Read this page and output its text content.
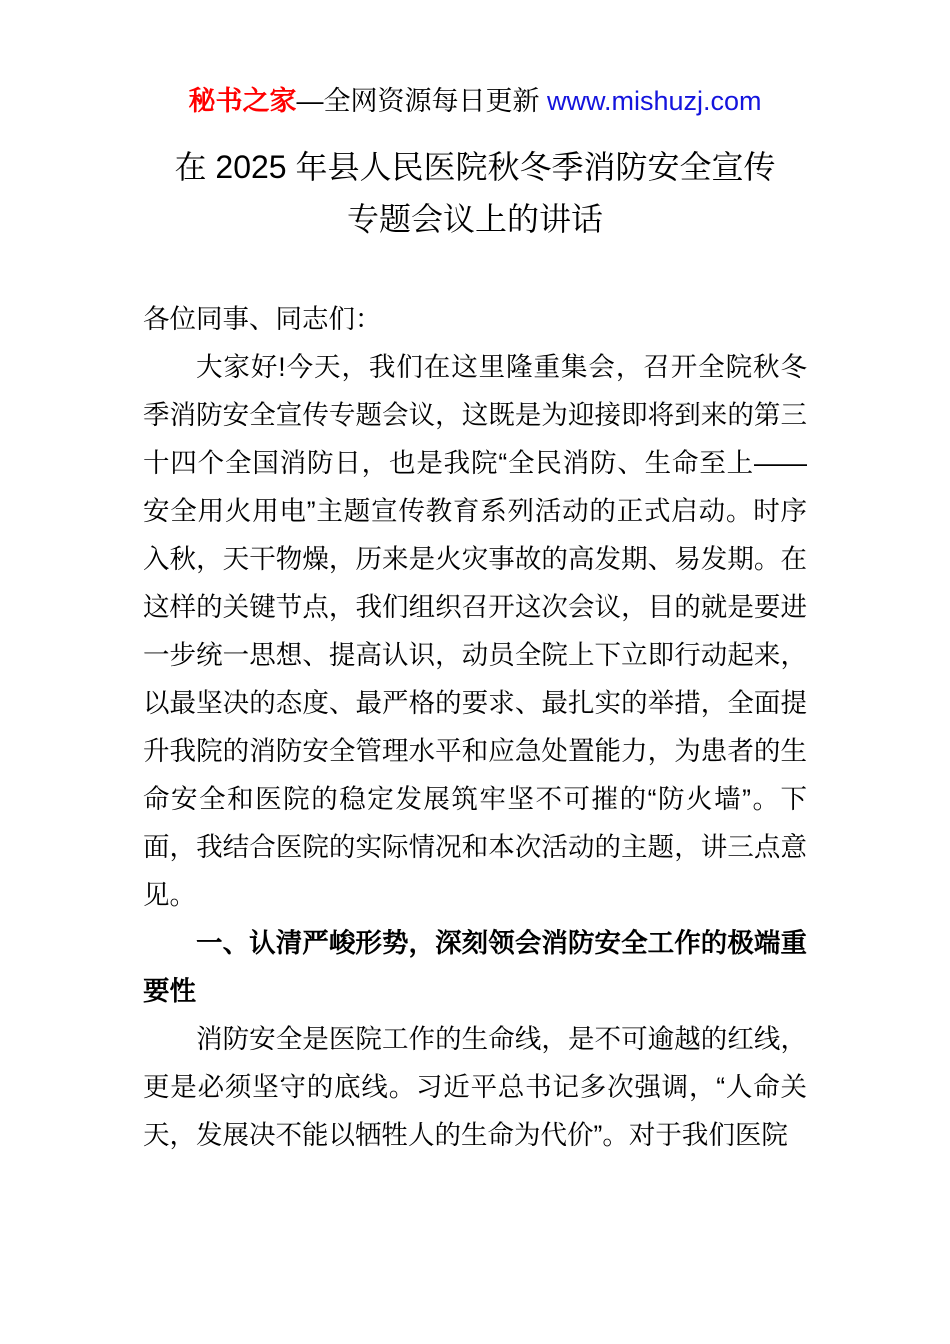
秘书之家—全网资源每日更新 www.mishuzj.com
在 2025 年县人民医院秋冬季消防安全宣传
专题会议上的讲话

各位同事、同志们：

大家好!今天，我们在这里隆重集会，召开全院秋冬季消防安全宣传专题会议，这既是为迎接即将到来的第三十四个全国消防日，也是我院“全民消防、生命至上——安全用火用电”主题宣传教育系列活动的正式启动。时序入秋，天干物燥，历来是火灾事故的高发期、易发期。在这样的关键节点，我们组织召开这次会议，目的就是要进一步统一思想、提高认识，动员全院上下立即行动起来，以最坚决的态度、最严格的要求、最扎实的举措，全面提升我院的消防安全管理水平和应急处置能力，为患者的生命安全和医院的稳定发展筑牢坚不可摧的“防火墙”。下面，我结合医院的实际情况和本次活动的主题，讲三点意见。

一、认清严峻形势，深刻领会消防安全工作的极端重要性

消防安全是医院工作的生命线，是不可逾越的红线，更是必须坚守的底线。习近平总书记多次强调，“人命关天，发展决不能以牺牲人的生命为代价”。对于我们医院
